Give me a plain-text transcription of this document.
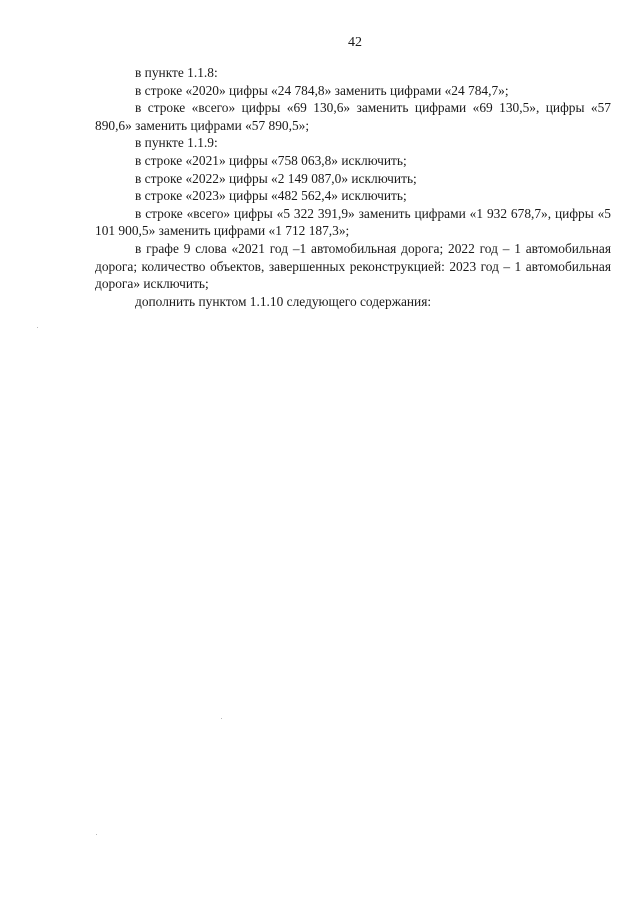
42

в пункте 1.1.8:

в строке «2020» цифры «24 784,8» заменить цифрами «24 784,7»;

в строке «всего» цифры «69 130,6» заменить цифрами «69 130,5», цифры «57 890,6» заменить цифрами «57 890,5»;

в пункте 1.1.9:

в строке «2021» цифры «758 063,8» исключить;

в строке «2022» цифры «2 149 087,0» исключить;

в строке «2023» цифры «482 562,4» исключить;

в строке «всего» цифры «5 322 391,9» заменить цифрами «1 932 678,7», цифры «5 101 900,5» заменить цифрами «1 712 187,3»;

в графе 9 слова «2021 год –1 автомобильная дорога; 2022 год – 1 автомобильная дорога; количество объектов, завершенных реконструкцией: 2023 год – 1 автомобильная дорога» исключить;

дополнить пунктом 1.1.10 следующего содержания:
